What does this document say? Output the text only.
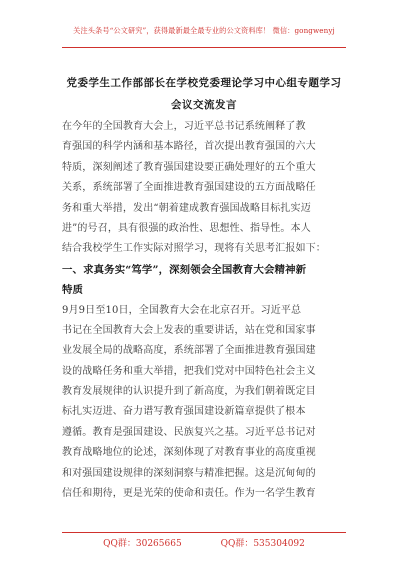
关注头条号“公文研究”，获得最新最全最专业的公文资料库！ 微信：gongwenyj
党委学生工作部部长在学校党委理论学习中心组专题学习
会议交流发言
在今年的全国教育大会上，习近平总书记系统阐释了教
育强国的科学内涵和基本路径，首次提出教育强国的六大
特质，深刻阐述了教育强国建设要正确处理好的五个重大
关系，系统部署了全面推进教育强国建设的五方面战略任
务和重大举措，发出“朝着建成教育强国战略目标扎实迈
进”的号召，具有很强的政治性、思想性、指导性。本人
结合我校学生工作实际对照学习，现将有关思考汇报如下：
一、求真务实“笃学”，深刻领会全国教育大会精神新
特质
9月9日至10日，全国教育大会在北京召开。习近平总
书记在全国教育大会上发表的重要讲话，站在党和国家事
业发展全局的战略高度，系统部署了全面推进教育强国建
设的战略任务和重大举措，把我们党对中国特色社会主义
教育发展规律的认识提升到了新高度，为我们朝着既定目
标扎实迈进、奋力谱写教育强国建设新篇章提供了根本
遵循。教育是强国建设、民族复兴之基。习近平总书记对
教育战略地位的论述，深刻体现了对教育事业的高度重视
和对强国建设规律的深刻洞察与精准把握。这是沉甸甸的
信任和期待，更是光荣的使命和责任。作为一名学生教育
QQ群：30265665	QQ群：535304092
